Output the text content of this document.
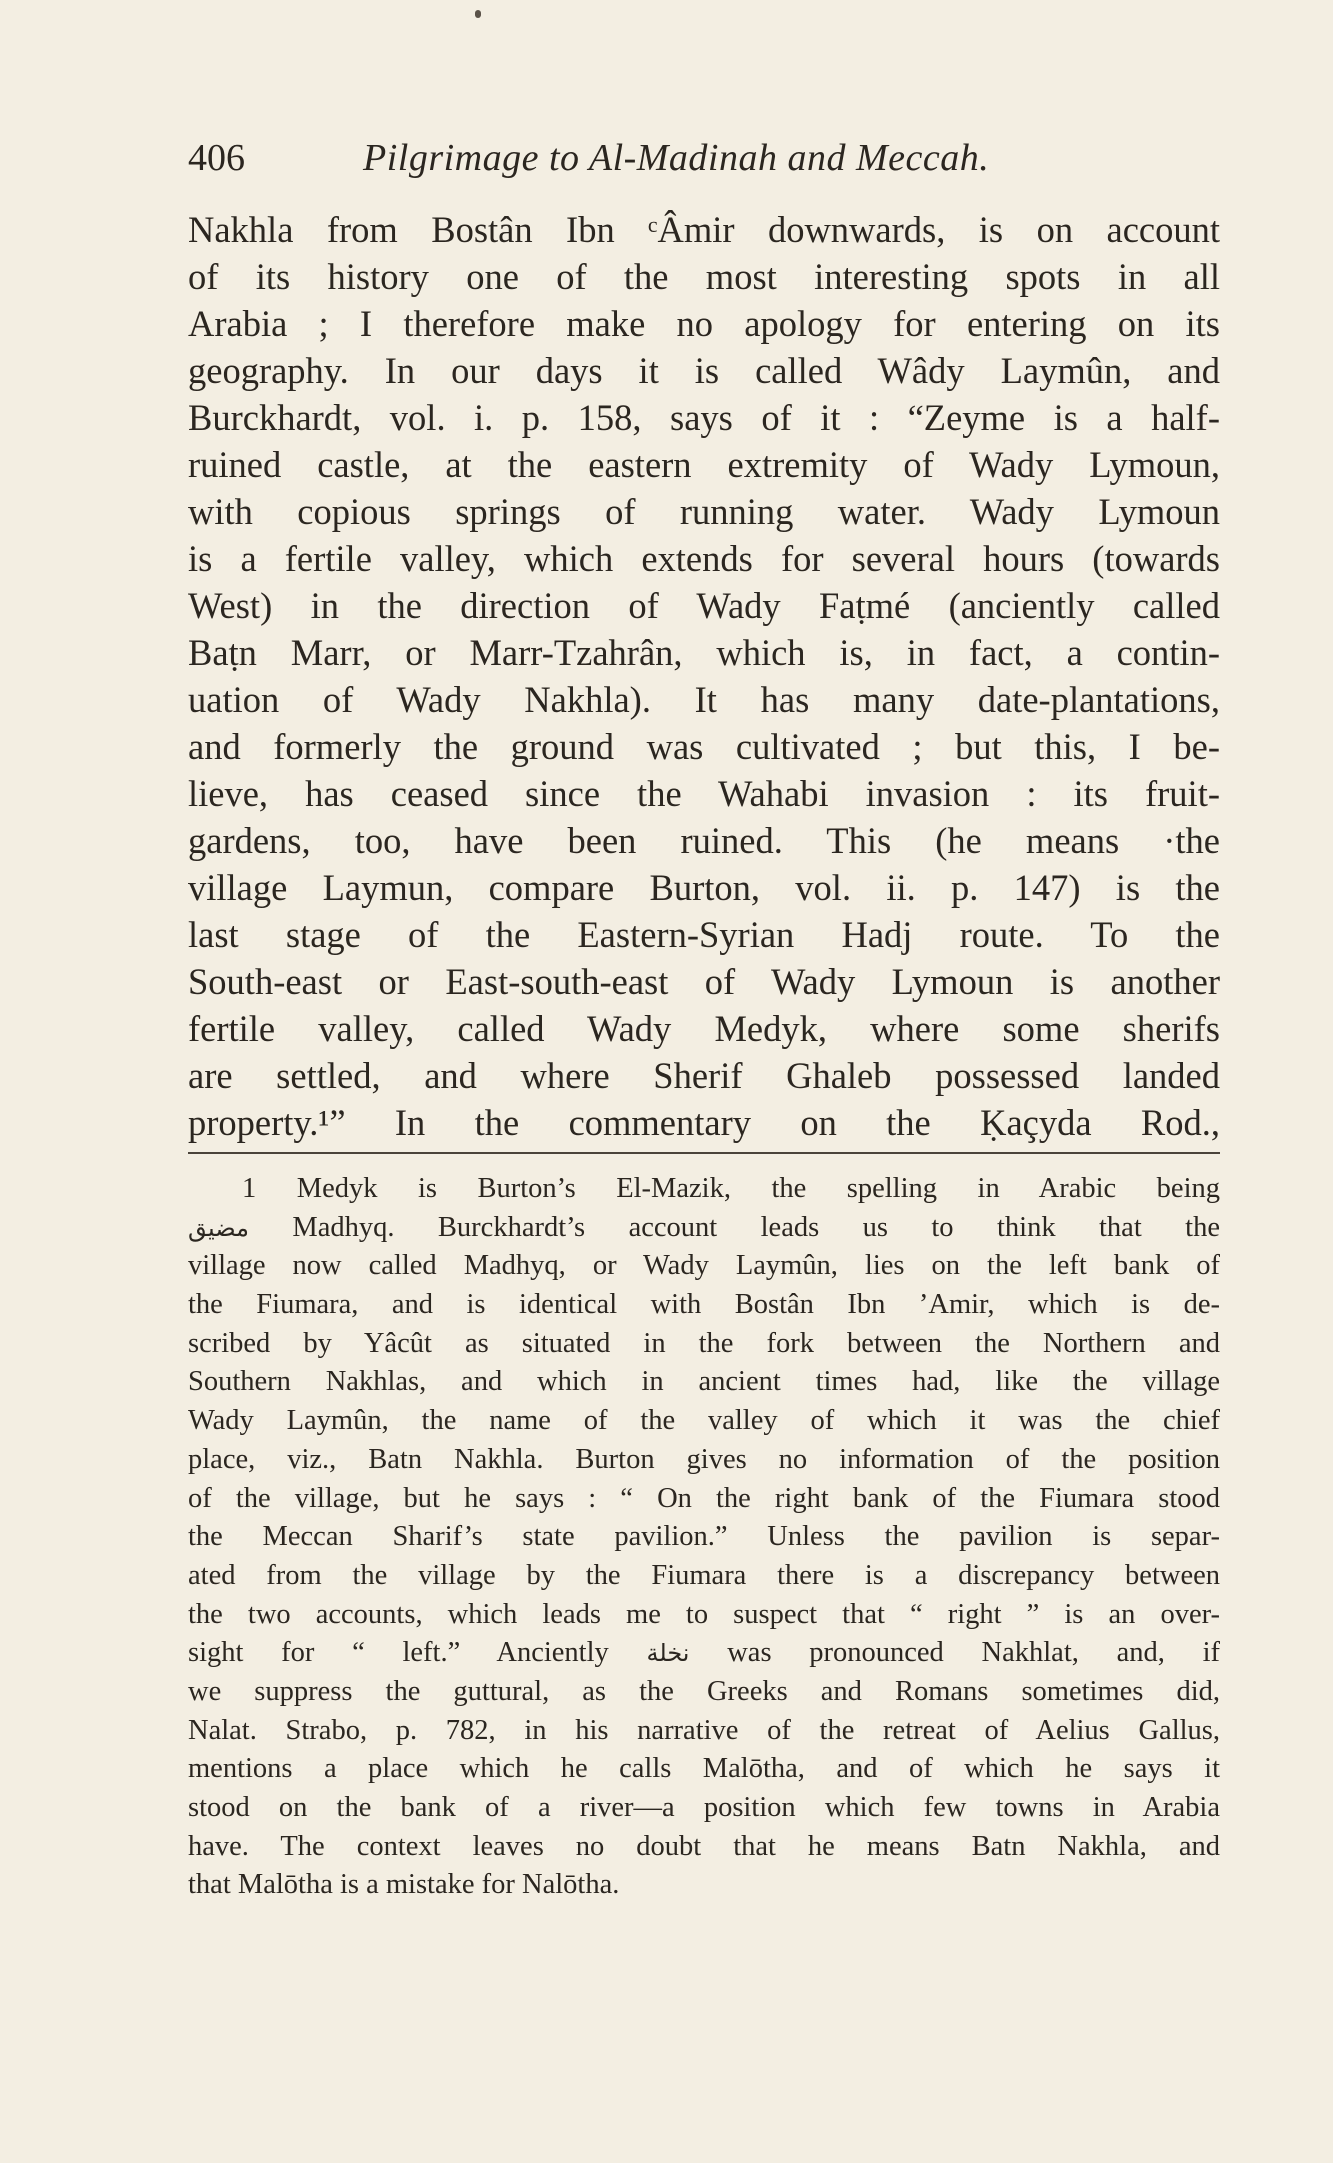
406	Pilgrimage to Al-Madinah and Meccah.
Nakhla from Bostân Ibn ᶜÂmir downwards, is on account
of its history one of the most interesting spots in all
Arabia ; I therefore make no apology for entering on its
geography. In our days it is called Wâdy Laymûn, and
Burckhardt, vol. i. p. 158, says of it : “Zeyme is a half-
ruined castle, at the eastern extremity of Wady Lymoun,
with copious springs of running water. Wady Lymoun
is a fertile valley, which extends for several hours (towards
West) in the direction of Wady Faṭmé (anciently called
Baṭn Marr, or Marr-Tzahrân, which is, in fact, a contin-
uation of Wady Nakhla). It has many date-plantations,
and formerly the ground was cultivated ; but this, I be-
lieve, has ceased since the Wahabi invasion : its fruit-
gardens, too, have been ruined. This (he means ·the
village Laymun, compare Burton, vol. ii. p. 147) is the
last stage of the Eastern-Syrian Hadj route. To the
South-east or East-south-east of Wady Lymoun is another
fertile valley, called Wady Medyk, where some sherifs
are settled, and where Sherif Ghaleb possessed landed
property.¹” In the commentary on the Ḳaçyda Rod.,
1 Medyk is Burton’s El-Mazik, the spelling in Arabic being
مضيق Madhyq. Burckhardt’s account leads us to think that the
village now called Madhyq, or Wady Laymûn, lies on the left bank of
the Fiumara, and is identical with Bostân Ibn ’Amir, which is de-
scribed by Yâcût as situated in the fork between the Northern and
Southern Nakhlas, and which in ancient times had, like the village
Wady Laymûn, the name of the valley of which it was the chief
place, viz., Batn Nakhla. Burton gives no information of the position
of the village, but he says : “ On the right bank of the Fiumara stood
the Meccan Sharif’s state pavilion.” Unless the pavilion is separ-
ated from the village by the Fiumara there is a discrepancy between
the two accounts, which leads me to suspect that “ right ” is an over-
sight for “ left.” Anciently نخلة was pronounced Nakhlat, and, if
we suppress the guttural, as the Greeks and Romans sometimes did,
Nalat. Strabo, p. 782, in his narrative of the retreat of Aelius Gallus,
mentions a place which he calls Malōtha, and of which he says it
stood on the bank of a river—a position which few towns in Arabia
have. The context leaves no doubt that he means Batn Nakhla, and
that Malōtha is a mistake for Nalōtha.
